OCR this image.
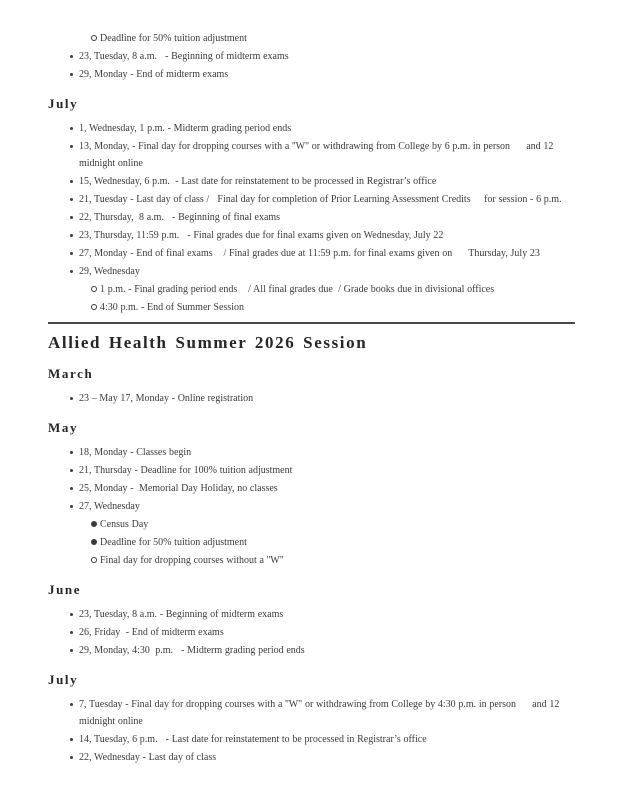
Deadline for 50% tuition adjustment
23, Tuesday, 8 a.m.   - Beginning of midterm exams
29, Monday - End of midterm exams
July
1, Wednesday, 1 p.m. - Midterm grading period ends
13, Monday, - Final day for dropping courses with a ''W" or withdrawing from College by 6 p.m. in person      and 12 midnight online
15, Wednesday, 6 p.m.  - Last date for reinstatement to be processed in Registrar’s office
21, Tuesday - Last day of class /   Final day for completion of Prior Learning Assessment Credits     for session - 6 p.m.
22, Thursday,  8 a.m.   - Beginning of final exams
23, Thursday, 11:59 p.m.   - Final grades due for final exams given on Wednesday, July 22
27, Monday - End of final exams    / Final grades due at 11:59 p.m. for final exams given on      Thursday, July 23
29, Wednesday
1 p.m. - Final grading period ends    / All final grades due  / Grade books due in divisional offices
4:30 p.m. - End of Summer Session
Allied Health Summer 2026 Session
March
23 – May 17, Monday - Online registration
May
18, Monday - Classes begin
21, Thursday - Deadline for 100% tuition adjustment
25, Monday -  Memorial Day Holiday, no classes
27, Wednesday
Census Day
Deadline for 50% tuition adjustment
Final day for dropping courses without a ''W"
June
23, Tuesday, 8 a.m. - Beginning of midterm exams
26, Friday  - End of midterm exams
29, Monday, 4:30  p.m.   - Midterm grading period ends
July
7, Tuesday - Final day for dropping courses with a ''W" or withdrawing from College by 4:30 p.m. in person      and 12 midnight online
14, Tuesday, 6 p.m.   - Last date for reinstatement to be processed in Registrar’s office
22, Wednesday - Last day of class
